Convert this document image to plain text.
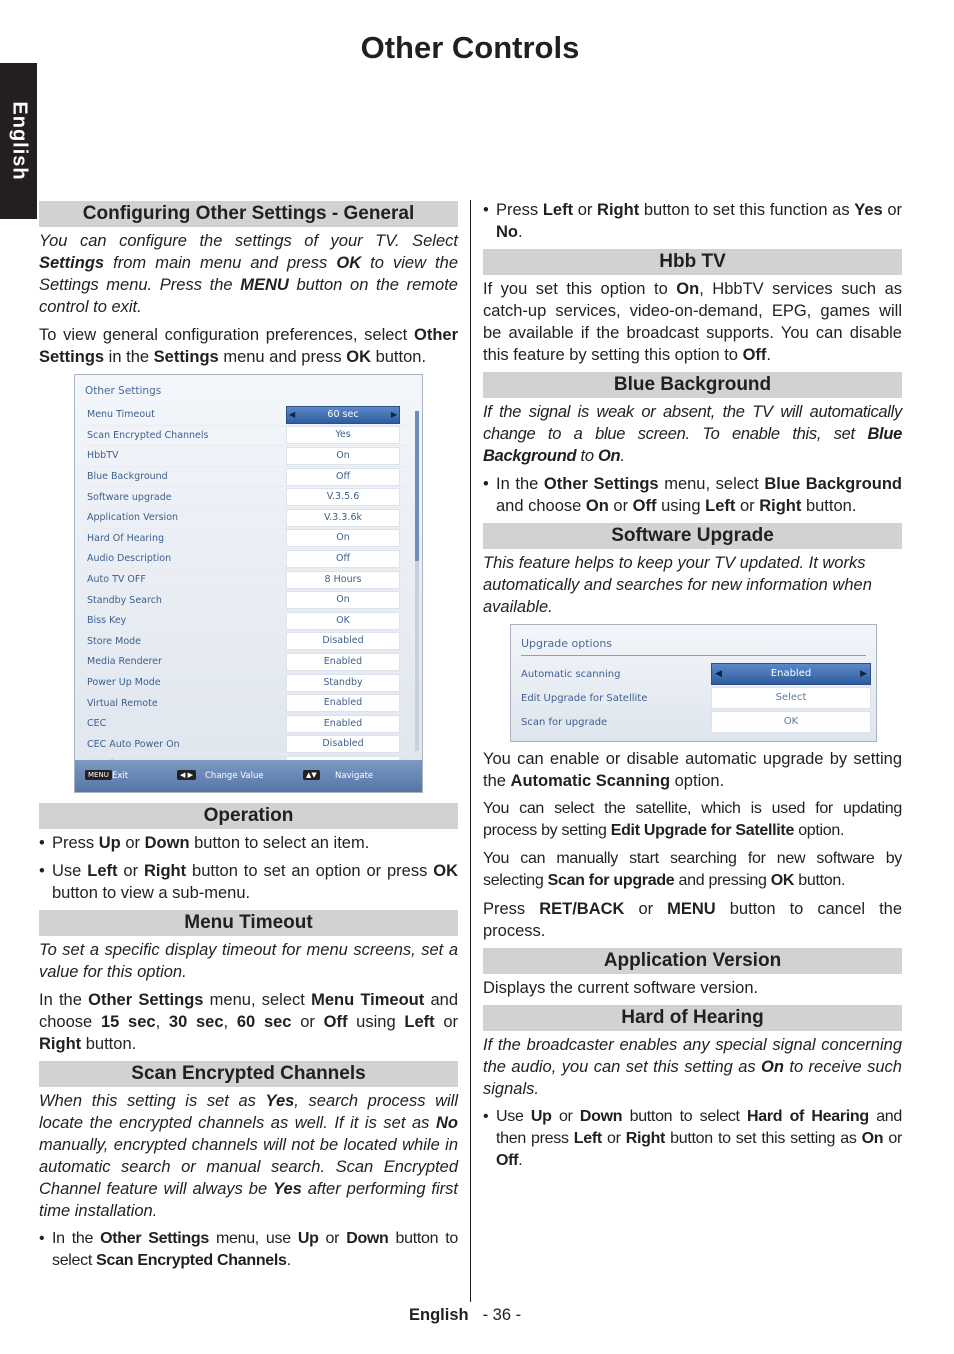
Other Controls
English
Configuring Other Settings - General

You can configure the settings of your TV. Select Settings from main menu and press OK to view the Settings menu. Press the MENU button on the remote control to exit.

To view general configuration preferences, select Other Settings in the Settings menu and press OK button.

Other Settings
Menu Timeout	◀ 60 sec ▶
Scan Encrypted Channels	Yes
HbbTV	On
Blue Background	Off
Software upgrade	V.3.5.6
Application Version	V.3.3.6k
Hard Of Hearing	On
Audio Description	Off
Auto TV OFF	8 Hours
Standby Search	On
Biss Key	OK
Store Mode	Disabled
Media Renderer	Enabled
Power Up Mode	Standby
Virtual Remote	Enabled
CEC	Enabled
CEC Auto Power On	Disabled
MENU Exit	◀ ▶	Change Value	▲▼	Navigate
Operation
• Press Up or Down button to select an item.
• Use Left or Right button to set an option or press OK button to view a sub-menu.
Menu Timeout

To set a specific display timeout for menu screens, set a value for this option.

In the Other Settings menu, select Menu Timeout and choose 15 sec, 30 sec, 60 sec or Off using Left or Right button.

Scan Encrypted Channels

When this setting is set as Yes, search process will locate the encrypted channels as well. If it is set as No manually, encrypted channels will not be located while in automatic search or manual search. Scan Encrypted Channel feature will always be Yes after performing first time installation.

• In the Other Settings menu, use Up or Down button to select Scan Encrypted Channels.
• Press Left or Right button to set this function as Yes or No.
Hbb TV

If you set this option to On, HbbTV services such as catch-up services, video-on-demand, EPG, games will be available if the broadcast supports. You can disable this feature by setting this option to Off.

Blue Background

If the signal is weak or absent, the TV will automatically change to a blue screen. To enable this, set Blue Background to On.

• In the Other Settings menu, select Blue Background and choose On or Off using Left or Right button.
Software Upgrade

This feature helps to keep your TV updated. It works automatically and searches for new information when available.

Upgrade options
Automatic scanning	◀ Enabled ▶
Edit Upgrade for Satellite	Select
Scan for upgrade	OK

You can enable or disable automatic upgrade by setting the Automatic Scanning option.

You can select the satellite, which is used for updating process by setting Edit Upgrade for Satellite option.

You can manually start searching for new software by selecting Scan for upgrade and pressing OK button.

Press RET/BACK or MENU button to cancel the process.

Application Version

Displays the current software version.

Hard of Hearing

If the broadcaster enables any special signal concerning the audio, you can set this setting as On to receive such signals.

• Use Up or Down button to select Hard of Hearing and then press Left or Right button to set this setting as On or Off.
English - 36 -
